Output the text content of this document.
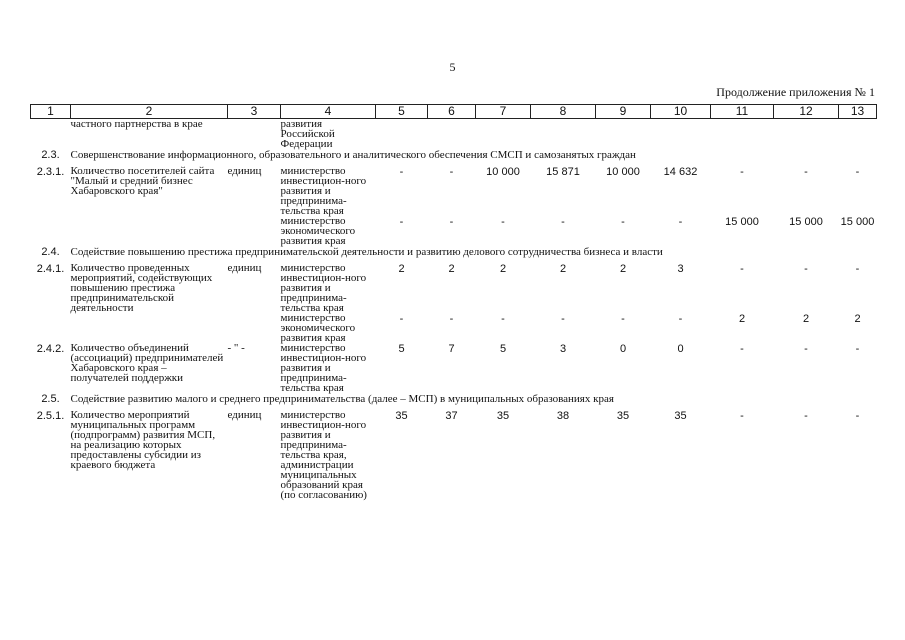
5
Продолжение приложения № 1
1	2	3	4	5	6	7	8	9	10	11	12	13
	частного партнерства в крае		развития Российской Федерации									
2.3.	Совершенствование информационного, образовательного и аналитического обеспечения СМСП и самозанятых граждан											
2.3.1.	Количество посетителей сайта "Малый и средний бизнес Хабаровского края"	единиц	министерство инвестицион-ного развития и предпринима-тельства края	-	-	10 000	15 871	10 000	14 632	-	-	-
			министерство экономического развития края	-	-	-	-	-	-	15 000	15 000	15 000
2.4.	Содействие повышению престижа предпринимательской деятельности и развитию делового сотрудничества бизнеса и власти											
2.4.1.	Количество проведенных мероприятий, содействующих повышению престижа предпринимательской деятельности	единиц	министерство инвестицион-ного развития и предпринима-тельства края	2	2	2	2	2	3	-	-	-
			министерство экономического развития края	-	-	-	-	-	-	2	2	2
2.4.2.	Количество объединений (ассоциаций) предпринимателей Хабаровского края – получателей поддержки	- " -	министерство инвестицион-ного развития и предпринима-тельства края	5	7	5	3	0	0	-	-	-
2.5.	Содействие развитию малого и среднего предпринимательства (далее – МСП) в муниципальных образованиях края											
2.5.1.	Количество мероприятий муниципальных программ (подпрограмм) развития МСП, на реализацию которых предоставлены субсидии из краевого бюджета	единиц	министерство инвестицион-ного развития и предпринима-тельства края, администрации муниципальных образований края (по согласованию)	35	37	35	38	35	35	-	-	-
